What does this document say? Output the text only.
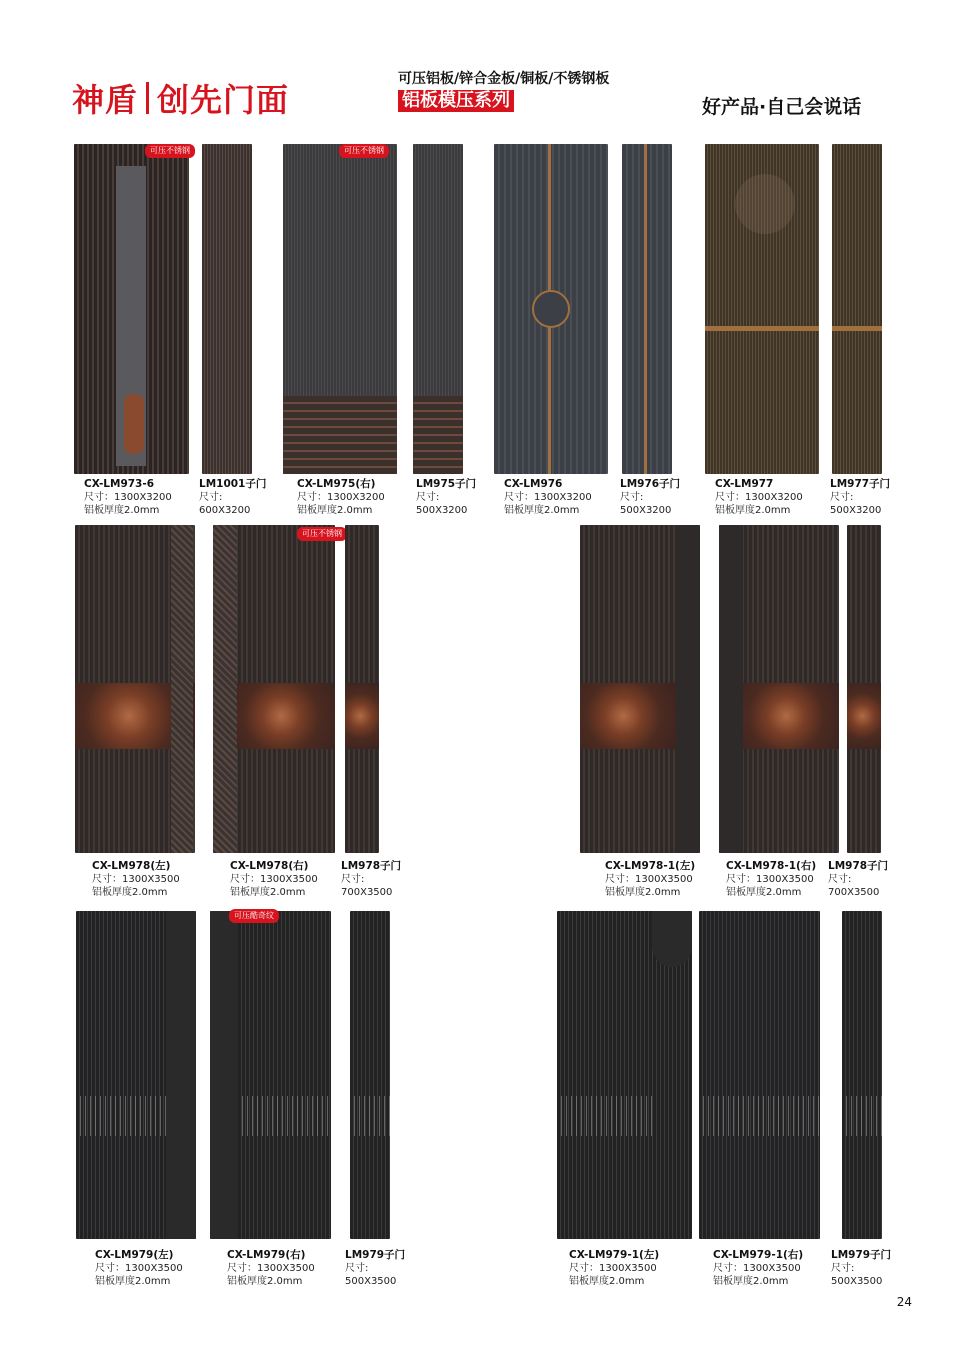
神盾 创先门面
可压铝板/锌合金板/铜板/不锈钢板
铝板模压系列	好产品·自己会说话
可压不锈钢	可压不锈钢
CX-LM973-6
尺寸：1300X3200
铝板厚度2.0mm
LM1001子门
尺寸:
600X3200
CX-LM975(右)
尺寸：1300X3200
铝板厚度2.0mm
LM975子门
尺寸:
500X3200
CX-LM976
尺寸：1300X3200
铝板厚度2.0mm
LM976子门
尺寸:
500X3200
CX-LM977
尺寸：1300X3200
铝板厚度2.0mm
LM977子门
尺寸:
500X3200
可压不锈钢
CX-LM978(左)
尺寸：1300X3500
铝板厚度2.0mm
CX-LM978(右)
尺寸：1300X3500
铝板厚度2.0mm
LM978子门
尺寸:
700X3500
CX-LM978-1(左)
尺寸：1300X3500
铝板厚度2.0mm
CX-LM978-1(右)
尺寸：1300X3500
铝板厚度2.0mm
LM978子门
尺寸:
700X3500
可压酷奇纹
CX-LM979(左)
尺寸：1300X3500
铝板厚度2.0mm
CX-LM979(右)
尺寸：1300X3500
铝板厚度2.0mm
LM979子门
尺寸:
500X3500
CX-LM979-1(左)
尺寸：1300X3500
铝板厚度2.0mm
CX-LM979-1(右)
尺寸：1300X3500
铝板厚度2.0mm
LM979子门
尺寸:
500X3500
24
